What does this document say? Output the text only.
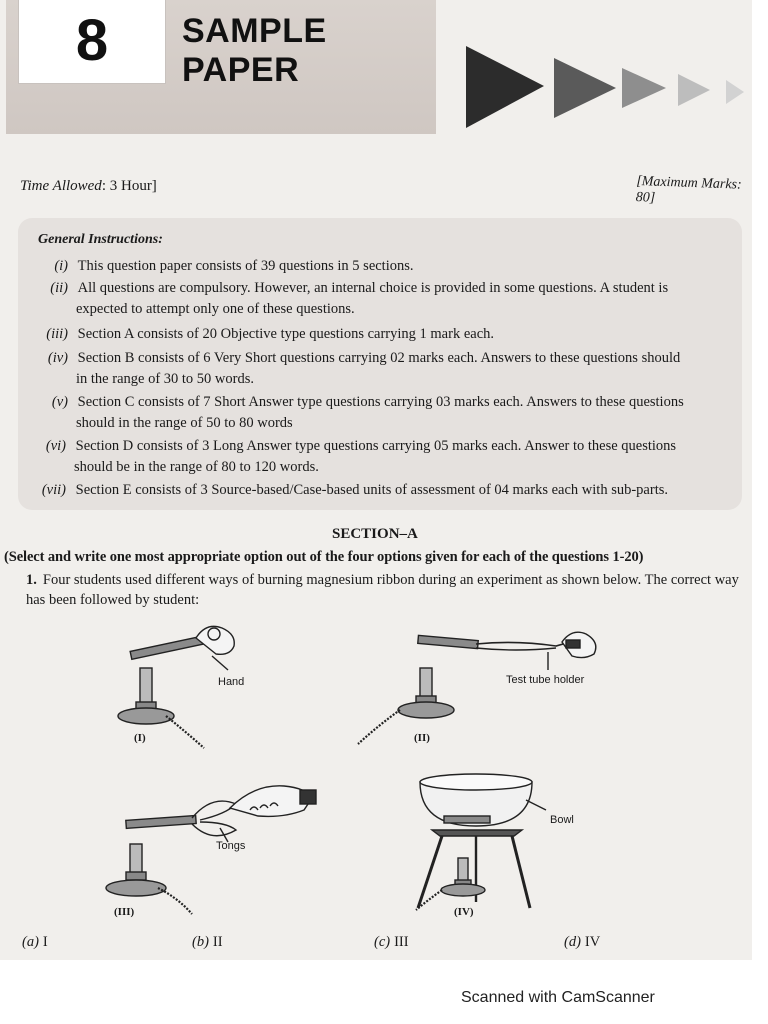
8 SAMPLE PAPER
Time Allowed: 3 Hour]	[Maximum Marks: 80]
General Instructions:
(i) This question paper consists of 39 questions in 5 sections.
(ii) All questions are compulsory. However, an internal choice is provided in some questions. A student is
expected to attempt only one of these questions.
(iii) Section A consists of 20 Objective type questions carrying 1 mark each.
(iv) Section B consists of 6 Very Short questions carrying 02 marks each. Answers to these questions should
in the range of 30 to 50 words.
(v) Section C consists of 7 Short Answer type questions carrying 03 marks each. Answers to these questions
should in the range of 50 to 80 words
(vi) Section D consists of 3 Long Answer type questions carrying 05 marks each. Answer to these questions
should be in the range of 80 to 120 words.
(vii) Section E consists of 3 Source-based/Case-based units of assessment of 04 marks each with sub-parts.
SECTION–A
(Select and write one most appropriate option out of the four options given for each of the questions 1-20)
1. Four students used different ways of burning magnesium ribbon during an experiment as shown below. The correct way has been followed by student:
Hand	Test tube holder
Tongs
Bowl
(I)	(II)
(III)	(IV)
(a) I	(b) II	(c) III	(d) IV
Scanned with CamScanner
